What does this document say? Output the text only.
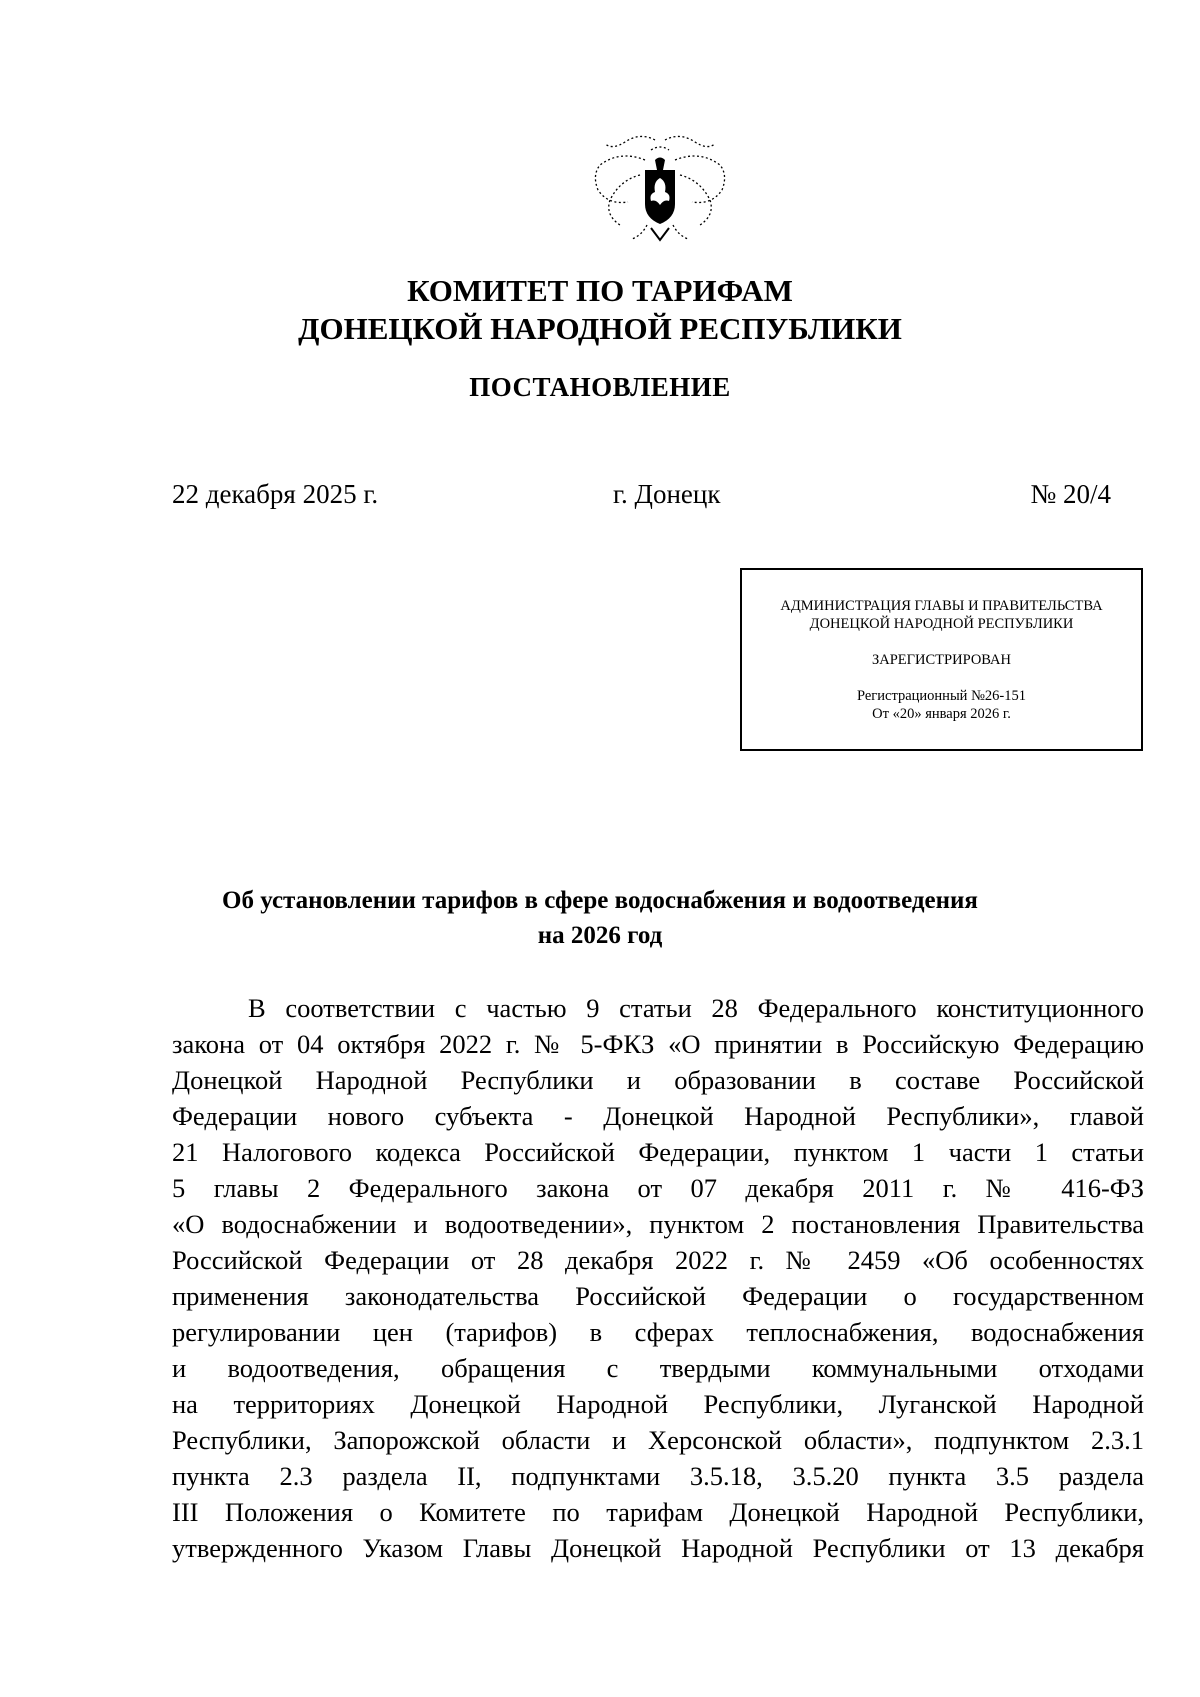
КОМИТЕТ ПО ТАРИФАМ
ДОНЕЦКОЙ НАРОДНОЙ РЕСПУБЛИКИ
ПОСТАНОВЛЕНИЕ
22 декабря 2025 г.	г. Донецк	№ 20/4
АДМИНИСТРАЦИЯ ГЛАВЫ И ПРАВИТЕЛЬСТВА
ДОНЕЦКОЙ НАРОДНОЙ РЕСПУБЛИКИ
ЗАРЕГИСТРИРОВАН
Регистрационный №26-151
От «20» января 2026 г.
Об установлении тарифов в сфере водоснабжения и водоотведения
на 2026 год
В соответствии с частью 9 статьи 28 Федерального конституционного
закона от 04 октября 2022 г. № 5-ФКЗ «О принятии в Российскую Федерацию
Донецкой Народной Республики и образовании в составе Российской
Федерации нового субъекта - Донецкой Народной Республики», главой
21 Налогового кодекса Российской Федерации, пунктом 1 части 1 статьи
5 главы 2 Федерального закона от 07 декабря 2011 г. № 416-ФЗ
«О водоснабжении и водоотведении», пунктом 2 постановления Правительства
Российской Федерации от 28 декабря 2022 г. № 2459 «Об особенностях
применения законодательства Российской Федерации о государственном
регулировании цен (тарифов) в сферах теплоснабжения, водоснабжения
и водоотведения, обращения с твердыми коммунальными отходами
на территориях Донецкой Народной Республики, Луганской Народной
Республики, Запорожской области и Херсонской области», подпунктом 2.3.1
пункта 2.3 раздела II, подпунктами 3.5.18, 3.5.20 пункта 3.5 раздела
III Положения о Комитете по тарифам Донецкой Народной Республики,
утвержденного Указом Главы Донецкой Народной Республики от 13 декабря
